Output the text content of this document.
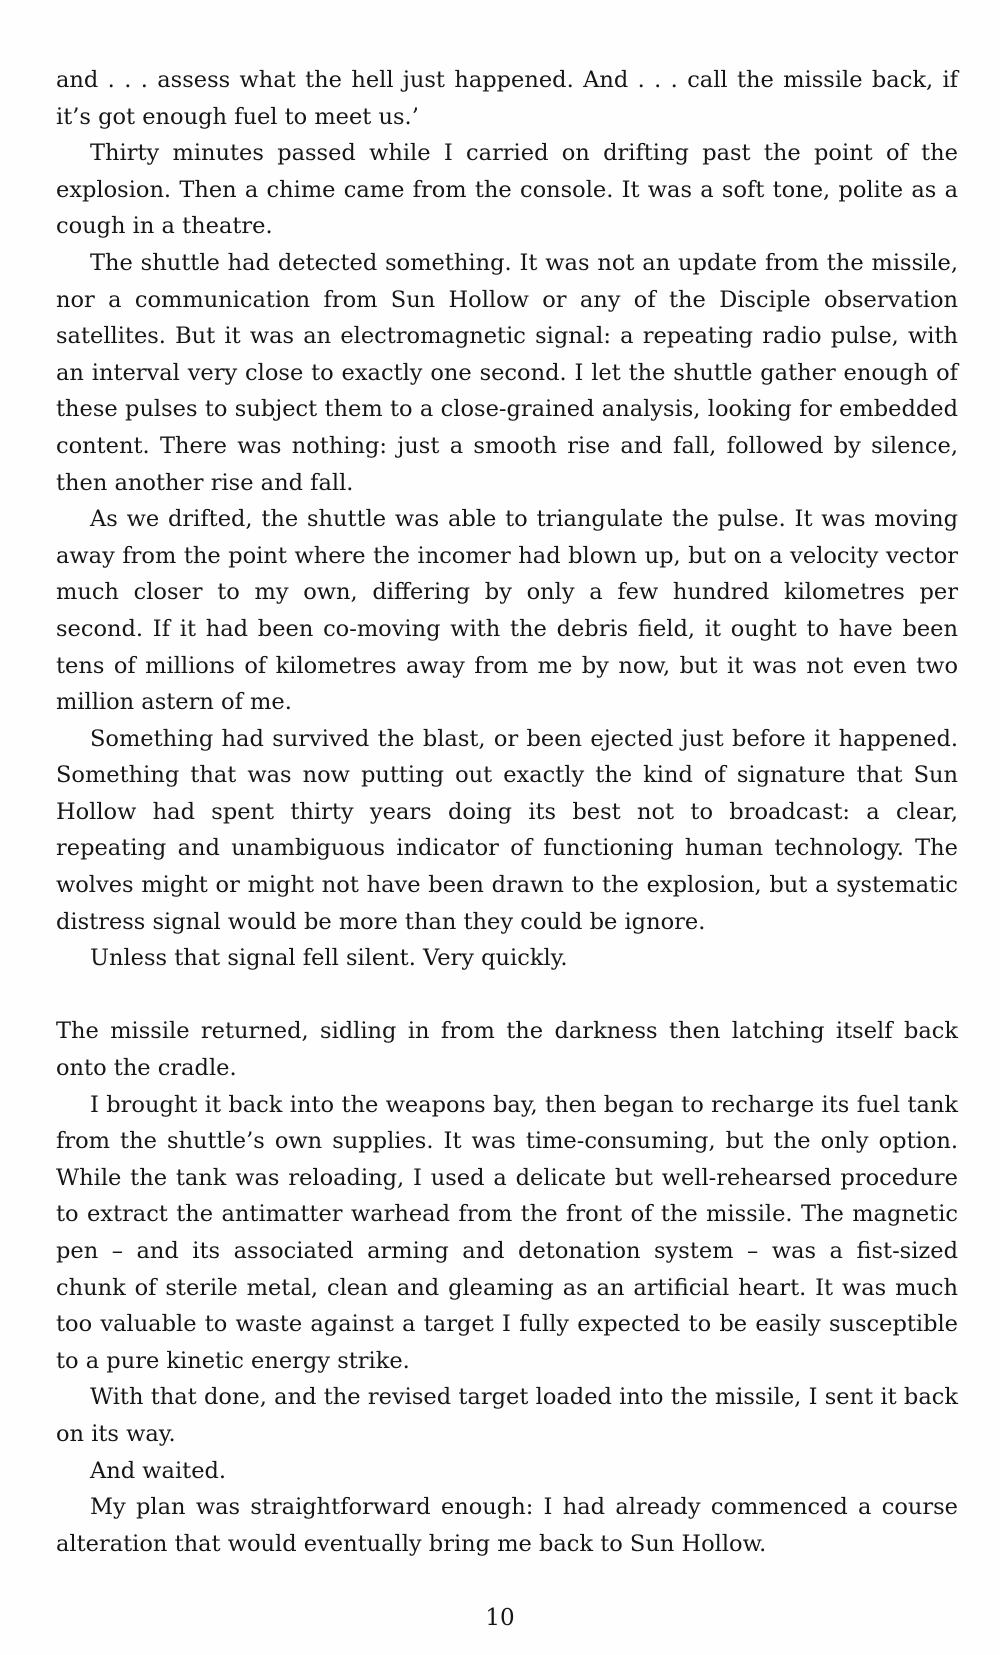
and . . . assess what the hell just happened. And . . . call the missile back, if it’s got enough fuel to meet us.’

Thirty minutes passed while I carried on drifting past the point of the explosion. Then a chime came from the console. It was a soft tone, polite as a cough in a theatre.

The shuttle had detected something. It was not an update from the missile, nor a communication from Sun Hollow or any of the Disciple observation satellites. But it was an electromagnetic signal: a repeating radio pulse, with an interval very close to exactly one second. I let the shuttle gather enough of these pulses to subject them to a close-grained analysis, looking for embedded content. There was nothing: just a smooth rise and fall, followed by silence, then another rise and fall.

As we drifted, the shuttle was able to triangulate the pulse. It was moving away from the point where the incomer had blown up, but on a velocity vector much closer to my own, differing by only a few hundred kilometres per second. If it had been co-moving with the debris field, it ought to have been tens of millions of kilometres away from me by now, but it was not even two million astern of me.

Something had survived the blast, or been ejected just before it happened. Something that was now putting out exactly the kind of signature that Sun Hollow had spent thirty years doing its best not to broadcast: a clear, repeating and unambiguous indicator of functioning human technology. The wolves might or might not have been drawn to the explosion, but a systematic distress signal would be more than they could be ignore.

Unless that signal fell silent. Very quickly.

The missile returned, sidling in from the darkness then latching itself back onto the cradle.

I brought it back into the weapons bay, then began to recharge its fuel tank from the shuttle’s own supplies. It was time-consuming, but the only option. While the tank was reloading, I used a delicate but well-rehearsed procedure to extract the antimatter warhead from the front of the missile. The magnetic pen – and its associated arming and detonation system – was a fist-sized chunk of sterile metal, clean and gleaming as an artificial heart. It was much too valuable to waste against a target I fully expected to be easily susceptible to a pure kinetic energy strike.

With that done, and the revised target loaded into the missile, I sent it back on its way.

And waited.

My plan was straightforward enough: I had already commenced a course alteration that would eventually bring me back to Sun Hollow.

10
